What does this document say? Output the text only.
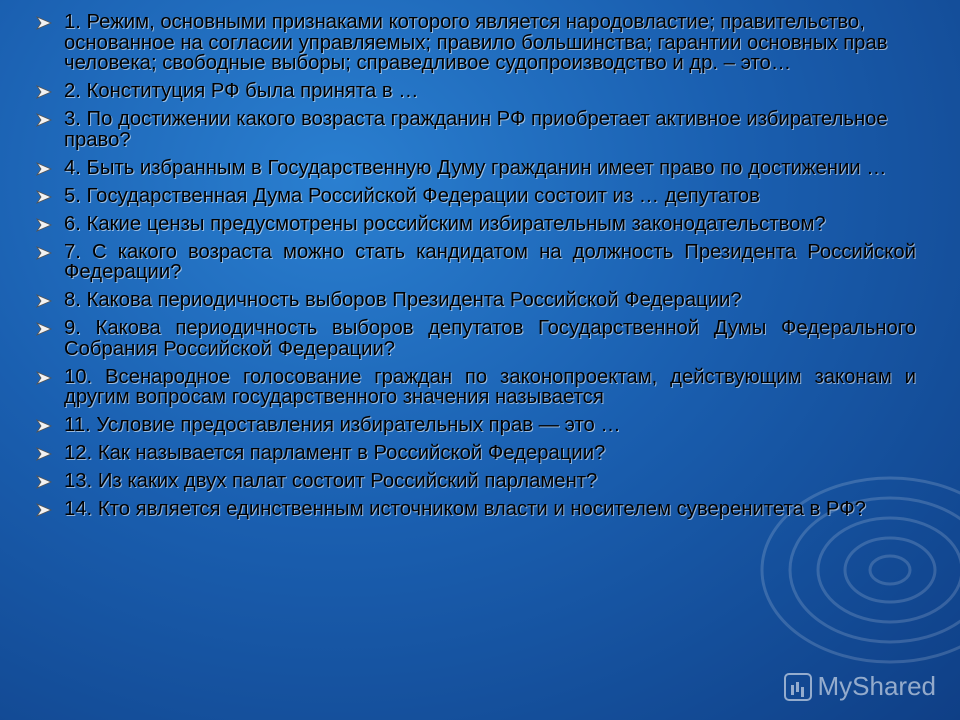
1. Режим, основными признаками которого является народовластие; правительство, основанное на согласии управляемых; правило большинства; гарантии основных прав человека; свободные выборы; справедливое судопроизводство и др. – это…
2. Конституция РФ была принята в …
3. По достижении какого возраста гражданин РФ приобретает активное избирательное право?
4. Быть избранным в Государственную Думу гражданин имеет право по достижении …
5. Государственная Дума Российской Федерации состоит из … депутатов
6. Какие цензы предусмотрены российским избирательным законодательством?
7. С какого возраста можно стать кандидатом на должность Президента Российской Федерации?
8. Какова периодичность выборов Президента Российской Федерации?
9. Какова периодичность выборов депутатов Государственной Думы Федерального Собрания Российской Федерации?
10. Всенародное голосование граждан по законопроектам, действующим законам и другим вопросам государственного значения называется
11. Условие предоставления избирательных прав — это …
12. Как называется парламент в Российской Федерации?
13. Из каких двух палат состоит Российский парламент?
14. Кто является единственным источником власти и носителем суверенитета в РФ?
MyShared
